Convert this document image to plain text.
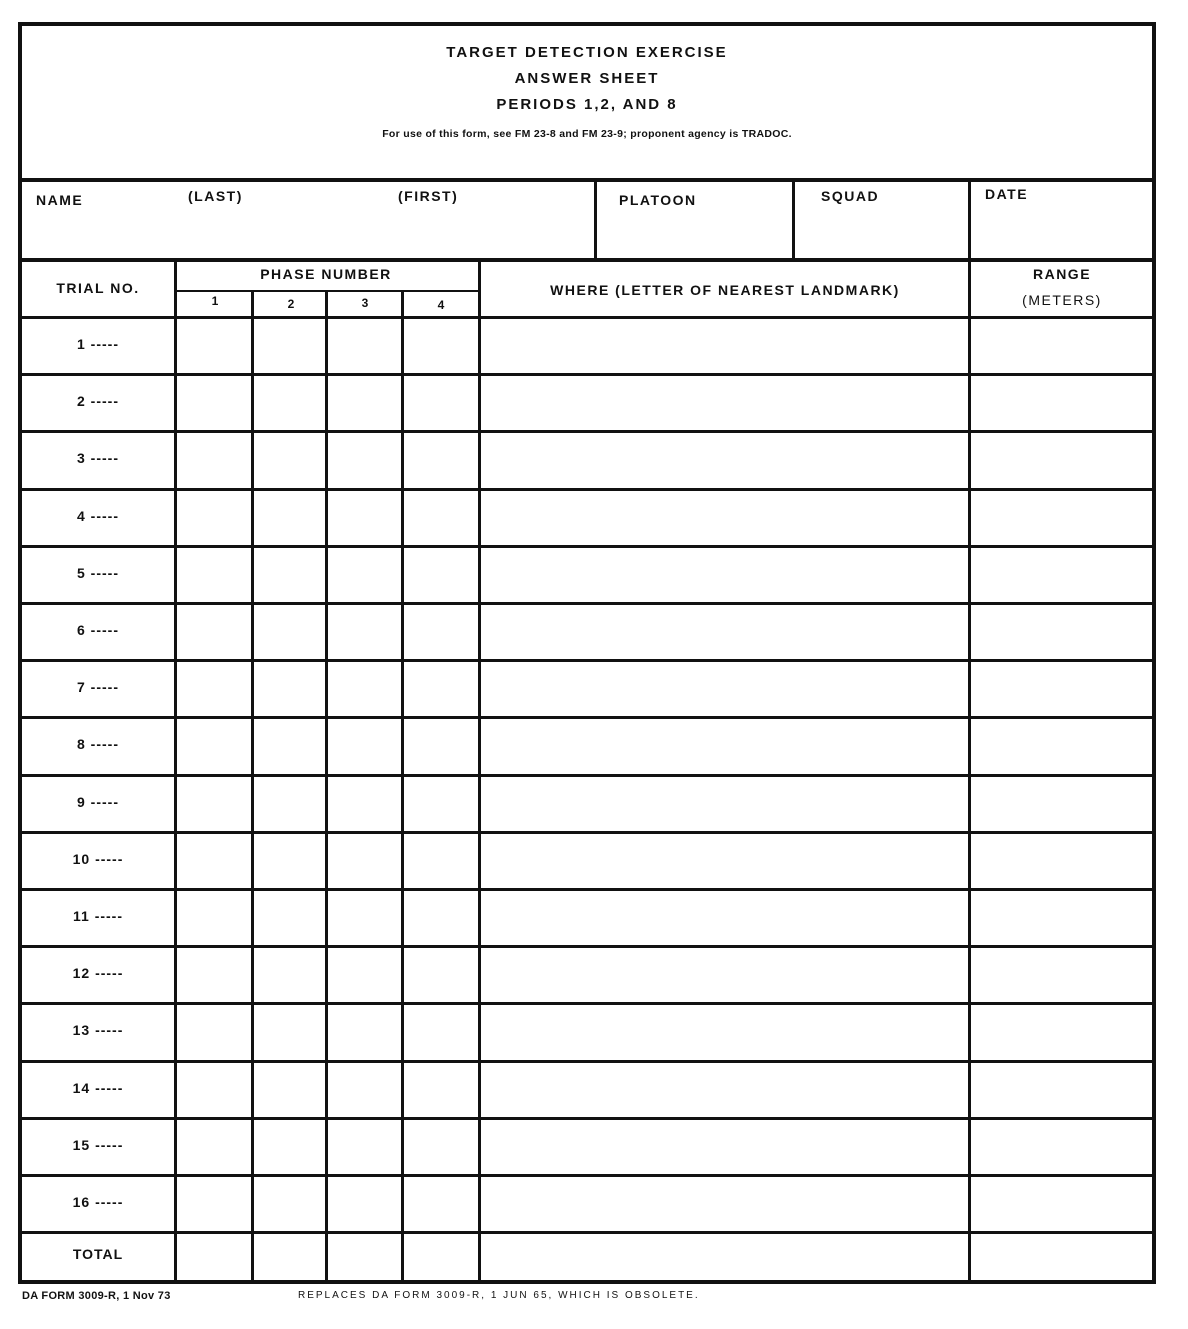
TARGET DETECTION EXERCISE
ANSWER SHEET
PERIODS 1,2, AND 8
For use of this form, see FM 23-8 and FM 23-9; proponent agency is TRADOC.
NAME	(LAST)	(FIRST)	PLATOON	SQUAD	DATE
TRIAL NO.
PHASE NUMBER
1	2	3	4
WHERE (LETTER OF NEAREST LANDMARK)
RANGE
(METERS)
1 -----
2 -----
3 -----
4 -----
5 -----
6 -----
7 -----
8 -----
9 -----
10 -----
11 -----
12 -----
13 -----
14 -----
15 -----
16 -----
TOTAL
DA FORM 3009-R, 1 Nov 73	REPLACES DA FORM 3009-R, 1 JUN 65, WHICH IS OBSOLETE.
